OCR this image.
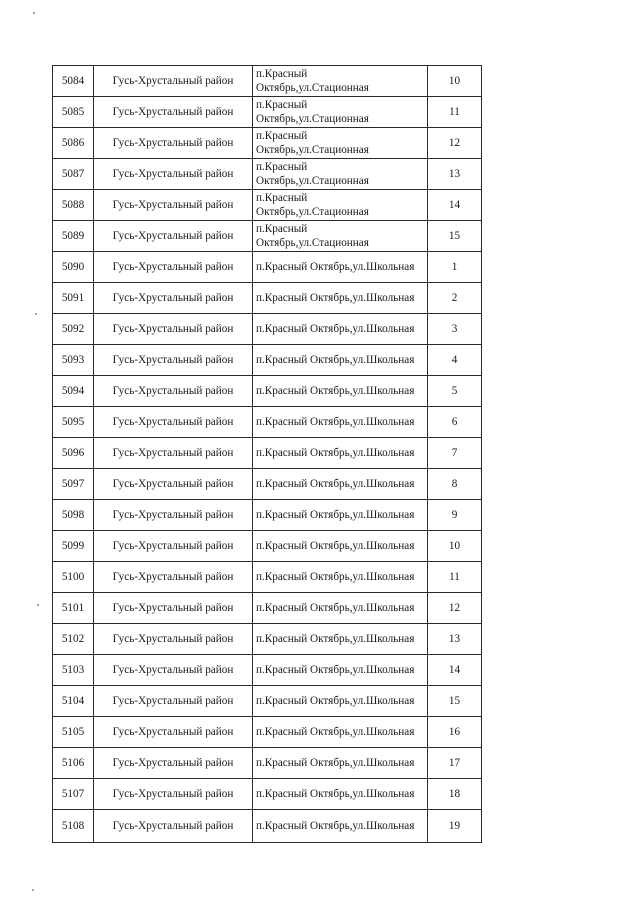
5084	Гусь-Хрустальный район	п.Красный
Октябрь,ул.Стационная	10
5085	Гусь-Хрустальный район	п.Красный
Октябрь,ул.Стационная	11
5086	Гусь-Хрустальный район	п.Красный
Октябрь,ул.Стационная	12
5087	Гусь-Хрустальный район	п.Красный
Октябрь,ул.Стационная	13
5088	Гусь-Хрустальный район	п.Красный
Октябрь,ул.Стационная	14
5089	Гусь-Хрустальный район	п.Красный
Октябрь,ул.Стационная	15
5090	Гусь-Хрустальный район	п.Красный Октябрь,ул.Школьная	1
5091	Гусь-Хрустальный район	п.Красный Октябрь,ул.Школьная	2
5092	Гусь-Хрустальный район	п.Красный Октябрь,ул.Школьная	3
5093	Гусь-Хрустальный район	п.Красный Октябрь,ул.Школьная	4
5094	Гусь-Хрустальный район	п.Красный Октябрь,ул.Школьная	5
5095	Гусь-Хрустальный район	п.Красный Октябрь,ул.Школьная	6
5096	Гусь-Хрустальный район	п.Красный Октябрь,ул.Школьная	7
5097	Гусь-Хрустальный район	п.Красный Октябрь,ул.Школьная	8
5098	Гусь-Хрустальный район	п.Красный Октябрь,ул.Школьная	9
5099	Гусь-Хрустальный район	п.Красный Октябрь,ул.Школьная	10
5100	Гусь-Хрустальный район	п.Красный Октябрь,ул.Школьная	11
5101	Гусь-Хрустальный район	п.Красный Октябрь,ул.Школьная	12
5102	Гусь-Хрустальный район	п.Красный Октябрь,ул.Школьная	13
5103	Гусь-Хрустальный район	п.Красный Октябрь,ул.Школьная	14
5104	Гусь-Хрустальный район	п.Красный Октябрь,ул.Школьная	15
5105	Гусь-Хрустальный район	п.Красный Октябрь,ул.Школьная	16
5106	Гусь-Хрустальный район	п.Красный Октябрь,ул.Школьная	17
5107	Гусь-Хрустальный район	п.Красный Октябрь,ул.Школьная	18
5108	Гусь-Хрустальный район	п.Красный Октябрь,ул.Школьная	19
